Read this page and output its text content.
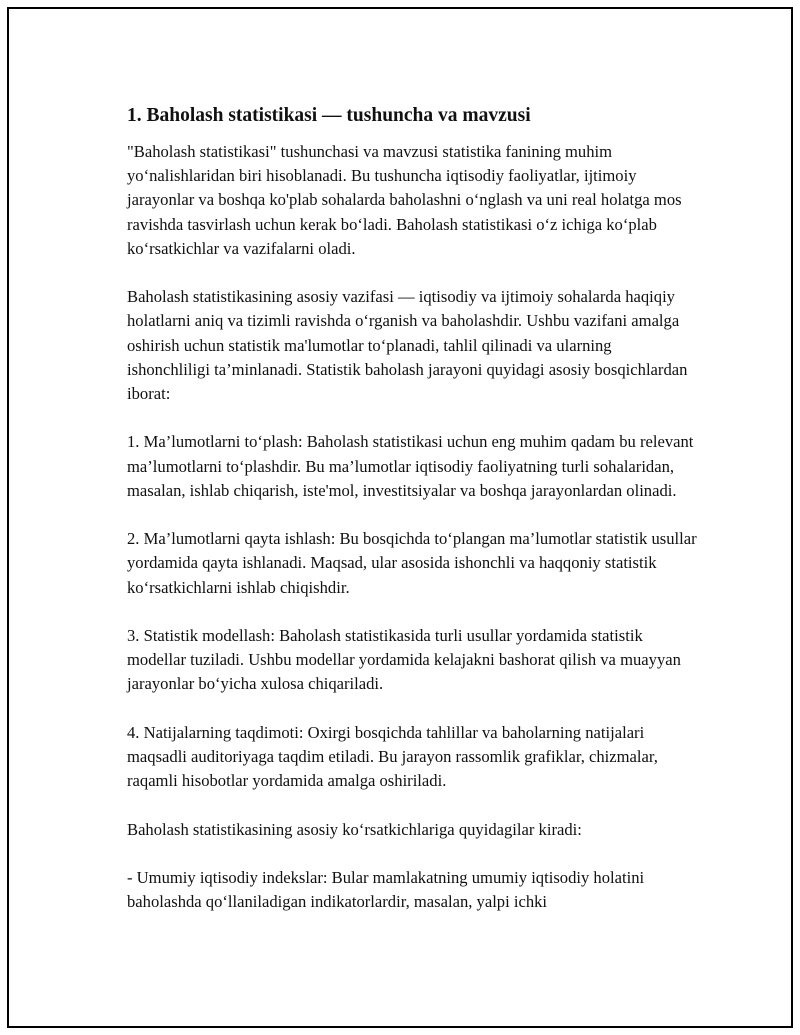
1. Baholash statistikasi — tushuncha va mavzusi

"Baholash statistikasi" tushunchasi va mavzusi statistika fanining muhim yo‘nalishlaridan biri hisoblanadi. Bu tushuncha iqtisodiy faoliyatlar, ijtimoiy jarayonlar va boshqa ko'plab sohalarda baholashni o‘nglash va uni real holatga mos ravishda tasvirlash uchun kerak bo‘ladi. Baholash statistikasi o‘z ichiga ko‘plab ko‘rsatkichlar va vazifalarni oladi.

Baholash statistikasining asosiy vazifasi — iqtisodiy va ijtimoiy sohalarda haqiqiy holatlarni aniq va tizimli ravishda o‘rganish va baholashdir. Ushbu vazifani amalga oshirish uchun statistik ma'lumotlar to‘planadi, tahlil qilinadi va ularning ishonchliligi ta’minlanadi. Statistik baholash jarayoni quyidagi asosiy bosqichlardan iborat:

1. Ma’lumotlarni to‘plash: Baholash statistikasi uchun eng muhim qadam bu relevant ma’lumotlarni to‘plashdir. Bu ma’lumotlar iqtisodiy faoliyatning turli sohalaridan, masalan, ishlab chiqarish, iste'mol, investitsiyalar va boshqa jarayonlardan olinadi.

2. Ma’lumotlarni qayta ishlash: Bu bosqichda to‘plangan ma’lumotlar statistik usullar yordamida qayta ishlanadi. Maqsad, ular asosida ishonchli va haqqoniy statistik ko‘rsatkichlarni ishlab chiqishdir.

3. Statistik modellash: Baholash statistikasida turli usullar yordamida statistik modellar tuziladi. Ushbu modellar yordamida kelajakni bashorat qilish va muayyan jarayonlar bo‘yicha xulosa chiqariladi.

4. Natijalarning taqdimoti: Oxirgi bosqichda tahlillar va baholarning natijalari maqsadli auditoriyaga taqdim etiladi. Bu jarayon rassomlik grafiklar, chizmalar, raqamli hisobotlar yordamida amalga oshiriladi.

Baholash statistikasining asosiy ko‘rsatkichlariga quyidagilar kiradi:

- Umumiy iqtisodiy indekslar: Bular mamlakatning umumiy iqtisodiy holatini baholashda qo‘llaniladigan indikatorlardir, masalan, yalpi ichki
